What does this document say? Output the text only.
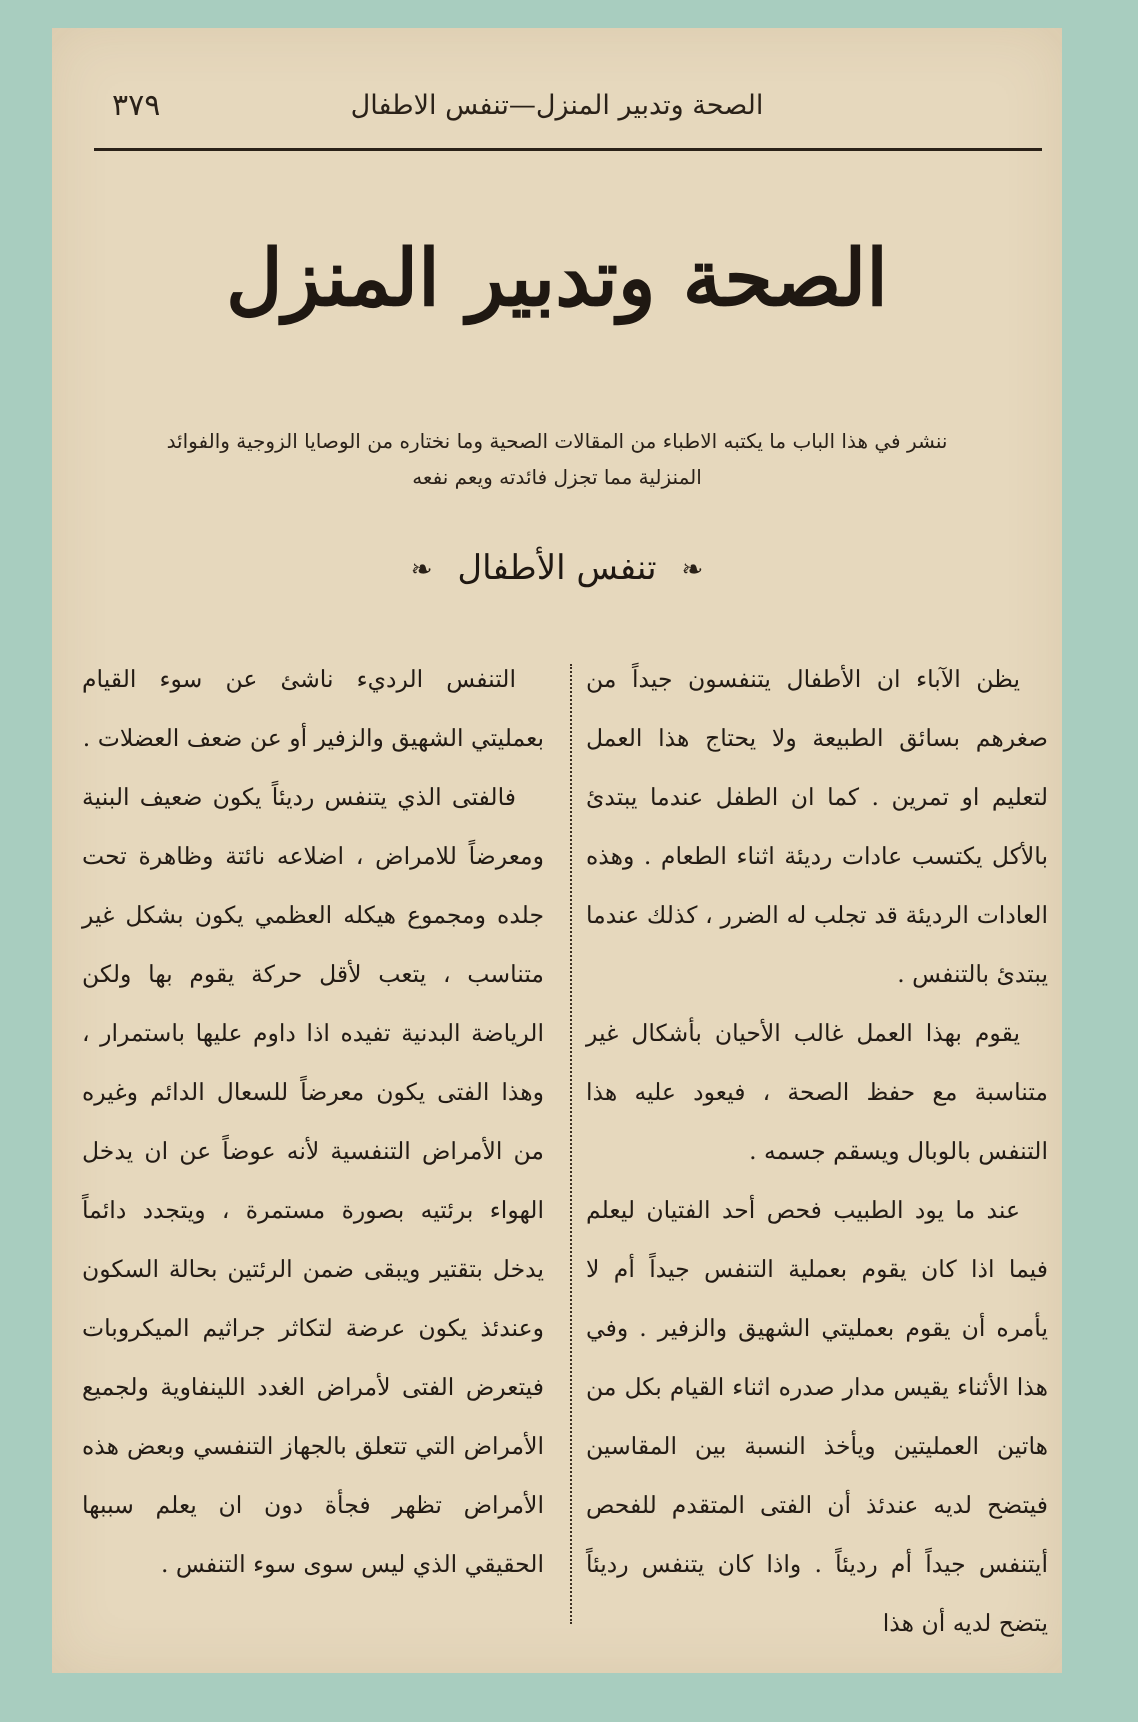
الصحة وتدبير المنزل—تنفس الاطفال
٣٧٩
الصحة وتدبير المنزل
ننشر في هذا الباب ما يكتبه الاطباء من المقالات الصحية وما نختاره من الوصايا الزوجية والفوائد المنزلية مما تجزل فائدته ويعم نفعه
❧ تنفس الأطفال ❧

يظن الآباء ان الأطفال يتنفسون جيداً من صغرهم بسائق الطبيعة ولا يحتاج هذا العمل لتعليم او تمرين . كما ان الطفل عندما يبتدئ بالأكل يكتسب عادات رديئة اثناء الطعام . وهذه العادات الرديئة قد تجلب له الضرر ، كذلك عندما يبتدئ بالتنفس .

يقوم بهذا العمل غالب الأحيان بأشكال غير متناسبة مع حفظ الصحة ، فيعود عليه هذا التنفس بالوبال ويسقم جسمه .

عند ما يود الطبيب فحص أحد الفتيان ليعلم فيما اذا كان يقوم بعملية التنفس جيداً أم لا يأمره أن يقوم بعمليتي الشهيق والزفير . وفي هذا الأثناء يقيس مدار صدره اثناء القيام بكل من هاتين العمليتين ويأخذ النسبة بين المقاسين فيتضح لديه عندئذ أن الفتى المتقدم للفحص أيتنفس جيداً أم رديئاً . واذا كان يتنفس رديئاً يتضح لديه أن هذا

التنفس الرديء ناشئ عن سوء القيام بعمليتي الشهيق والزفير أو عن ضعف العضلات .

فالفتى الذي يتنفس رديئاً يكون ضعيف البنية ومعرضاً للامراض ، اضلاعه نائتة وظاهرة تحت جلده ومجموع هيكله العظمي يكون بشكل غير متناسب ، يتعب لأقل حركة يقوم بها ولكن الرياضة البدنية تفيده اذا داوم عليها باستمرار ، وهذا الفتى يكون معرضاً للسعال الدائم وغيره من الأمراض التنفسية لأنه عوضاً عن ان يدخل الهواء برئتيه بصورة مستمرة ، ويتجدد دائماً يدخل بتقتير ويبقى ضمن الرئتين بحالة السكون وعندئذ يكون عرضة لتكاثر جراثيم الميكروبات فيتعرض الفتى لأمراض الغدد اللينفاوية ولجميع الأمراض التي تتعلق بالجهاز التنفسي وبعض هذه الأمراض تظهر فجأة دون ان يعلم سببها الحقيقي الذي ليس سوى سوء التنفس .
